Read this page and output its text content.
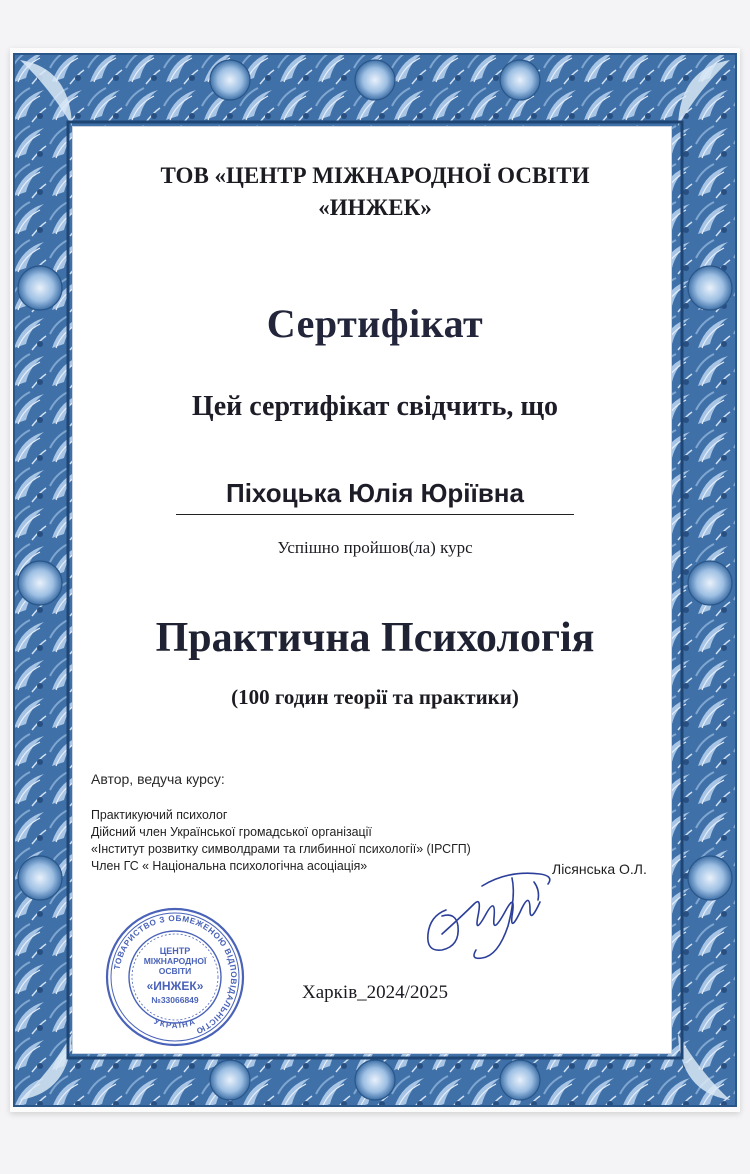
ТОВ «ЦЕНТР МІЖНАРОДНОЇ ОСВІТИ
«ИНЖЕК»
Сертифікат

Цей сертифікат свідчить, що

Піхоцька Юлія Юріївна

Успішно пройшов(ла) курс

Практична Психологія

(100 годин теорії та практики)

Автор, ведуча курсу:

Практикуючий психолог
Дійсний член Української громадської організації
«Інститут розвитку символдрами та глибинної психології» (ІРСГП)
Член ГС « Національна психологічна асоціація»	Лісянська О.Л.

ТОВАРИСТВО З ОБМЕЖЕНОЮ ВІДПОВІДАЛЬНІСТЮ
УКРАЇНА
ЦЕНТР
МІЖНАРОДНОЇ
ОСВІТИ
«ИНЖЕК»
№33066849	Харків_2024/2025
